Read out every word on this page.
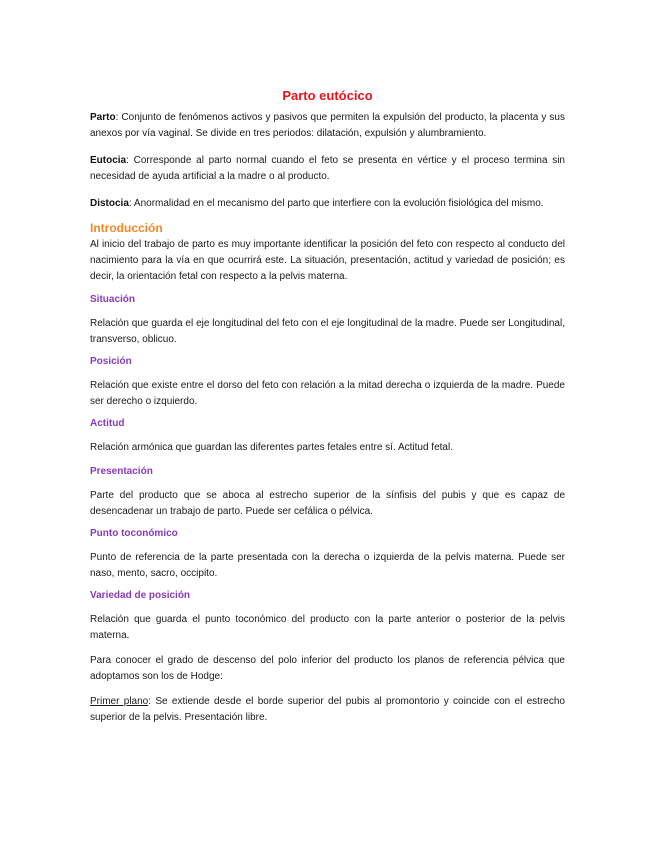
Parto eutócico

Parto: Conjunto de fenómenos activos y pasivos que permiten la expulsión del producto, la placenta y sus anexos por vía vaginal. Se divide en tres periodos: dilatación, expulsión y alumbramiento.

Eutocia: Corresponde al parto normal cuando el feto se presenta en vértice y el proceso termina sin necesidad de ayuda artificial a la madre o al producto.

Distocia: Anormalidad en el mecanismo del parto que interfiere con la evolución fisiológica del mismo.

Introducción

Al inicio del trabajo de parto es muy importante identificar la posición del feto con respecto al conducto del nacimiento para la vía en que ocurrirá este. La situación, presentación, actitud y variedad de posición; es decir, la orientación fetal con respecto a la pelvis materna.

Situación

Relación que guarda el eje longitudinal del feto con el eje longitudinal de la madre. Puede ser Longitudinal, transverso, oblicuo.

Posición

Relación que existe entre el dorso del feto con relación a la mitad derecha o izquierda de la madre. Puede ser derecho o izquierdo.

Actitud

Relación armónica que guardan las diferentes partes fetales entre sí. Actitud fetal.

Presentación

Parte del producto que se aboca al estrecho superior de la sínfisis del pubis y que es capaz de desencadenar un trabajo de parto. Puede ser cefálica o pélvica.

Punto toconómico

Punto de referencia de la parte presentada con la derecha o izquierda de la pelvis materna. Puede ser naso, mento, sacro, occipito.

Variedad de posición

Relación que guarda el punto toconómico del producto con la parte anterior o posterior de la pelvis materna.

Para conocer el grado de descenso del polo inferior del producto los planos de referencia pélvica que adoptamos son los de Hodge:

Primer plano: Se extiende desde el borde superior del pubis al promontorio y coincide con el estrecho superior de la pelvis. Presentación libre.
